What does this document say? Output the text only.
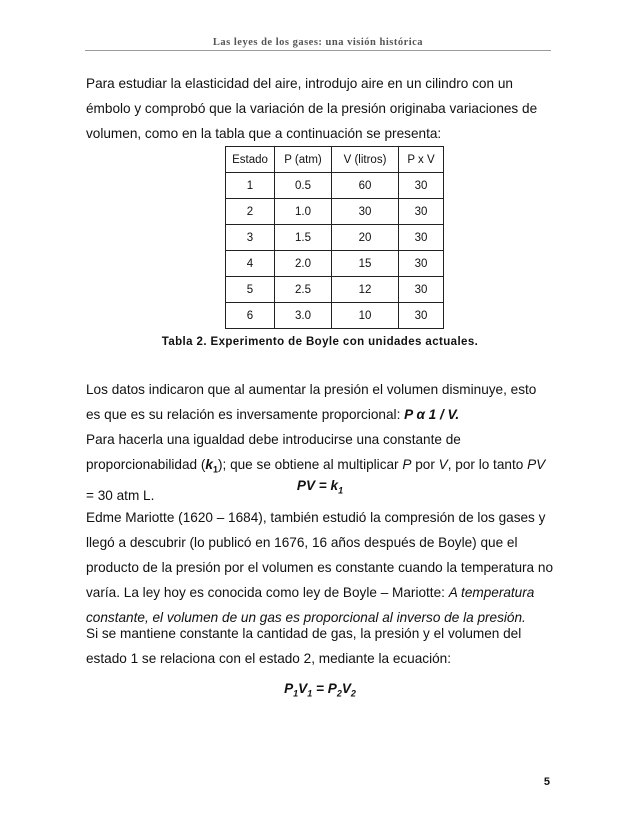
Las leyes de los gases: una visión histórica

Para estudiar la elasticidad del aire, introdujo aire en un cilindro con un émbolo y comprobó que la variación de la presión originaba variaciones de volumen, como en la tabla que a continuación se presenta:

Estado	P (atm)	V (litros)	P x V
1	0.5	60	30
2	1.0	30	30
3	1.5	20	30
4	2.0	15	30
5	2.5	12	30
6	3.0	10	30
Tabla 2. Experimento de Boyle con unidades actuales.

Los datos indicaron que al aumentar la presión el volumen disminuye, esto es que es su relación es inversamente proporcional: P α 1 / V.

Para hacerla una igualdad debe introducirse una constante de proporcionabilidad $(k_1)$; que se obtiene al multiplicar P por V, por lo tanto PV = 30 atm L.

PV = $k_1$

Edme Mariotte (1620 – 1684), también estudió la compresión de los gases y llegó a descubrir (lo publicó en 1676, 16 años después de Boyle) que el producto de la presión por el volumen es constante cuando la temperatura no varía. La ley hoy es conocida como ley de Boyle – Mariotte: A temperatura constante, el volumen de un gas es proporcional al inverso de la presión.

Si se mantiene constante la cantidad de gas, la presión y el volumen del estado 1 se relaciona con el estado 2, mediante la ecuación:

$P_1V_1 = P_2V_2$
5
